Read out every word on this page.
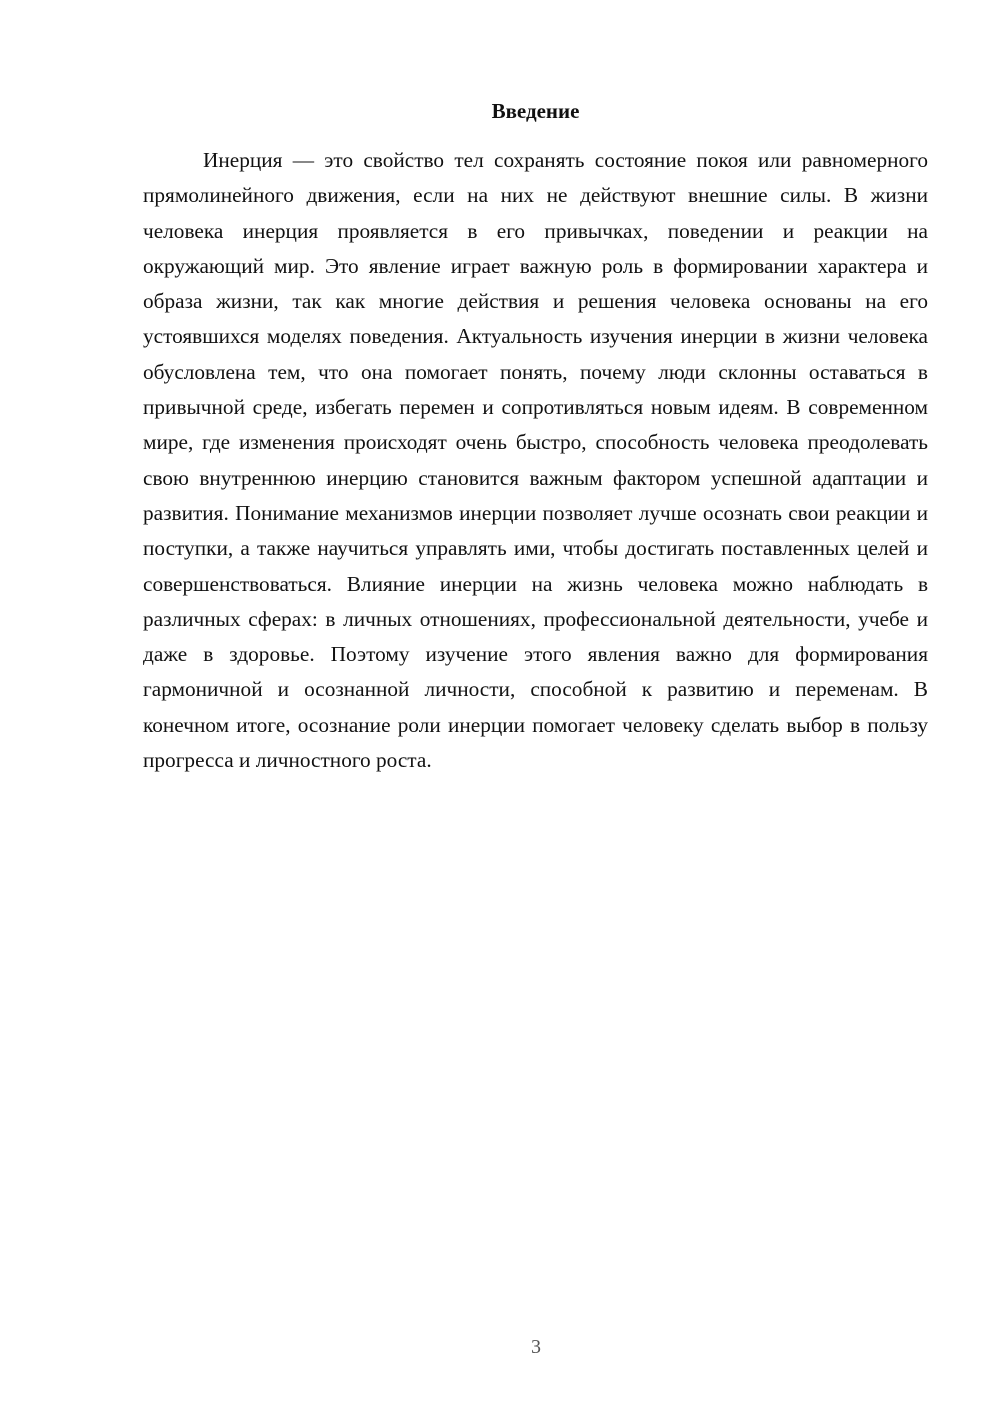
Введение

Инерция — это свойство тел сохранять состояние покоя или равномерного прямолинейного движения, если на них не действуют внешние силы. В жизни человека инерция проявляется в его привычках, поведении и реакции на окружающий мир. Это явление играет важную роль в формировании характера и образа жизни, так как многие действия и решения человека основаны на его устоявшихся моделях поведения. Актуальность изучения инерции в жизни человека обусловлена тем, что она помогает понять, почему люди склонны оставаться в привычной среде, избегать перемен и сопротивляться новым идеям. В современном мире, где изменения происходят очень быстро, способность человека преодолевать свою внутреннюю инерцию становится важным фактором успешной адаптации и развития. Понимание механизмов инерции позволяет лучше осознать свои реакции и поступки, а также научиться управлять ими, чтобы достигать поставленных целей и совершенствоваться. Влияние инерции на жизнь человека можно наблюдать в различных сферах: в личных отношениях, профессиональной деятельности, учебе и даже в здоровье. Поэтому изучение этого явления важно для формирования гармоничной и осознанной личности, способной к развитию и переменам. В конечном итоге, осознание роли инерции помогает человеку сделать выбор в пользу прогресса и личностного роста.

3
